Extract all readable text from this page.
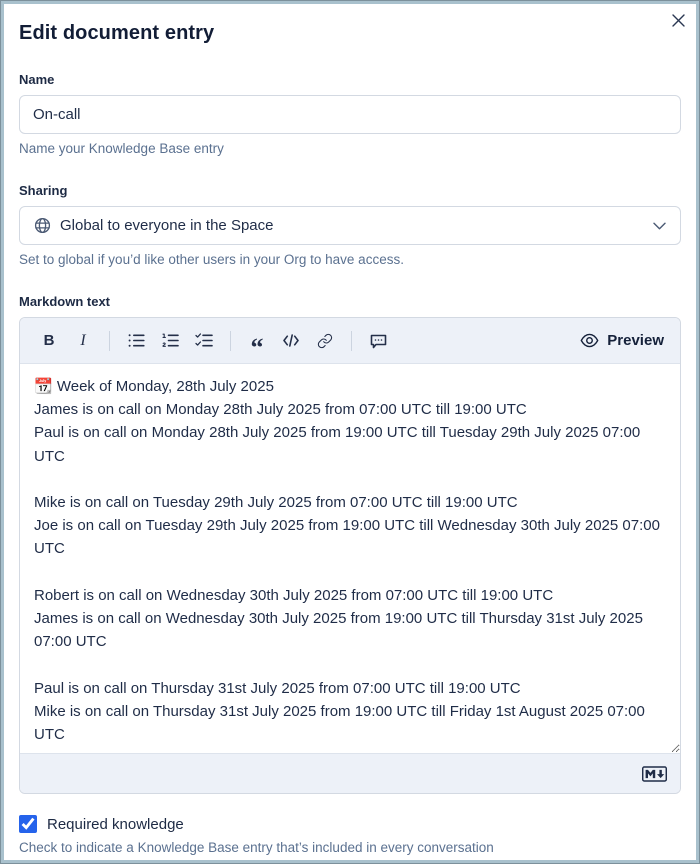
Edit document entry
Name
On-call
Name your Knowledge Base entry
Sharing
Global to everyone in the Space
Set to global if you’d like other users in your Org to have access.
Markdown text
B I	“	Preview
📆 Week of Monday, 28th July 2025 James is on call on Monday 28th July 2025 from 07:00 UTC till 19:00 UTC Paul is on call on Monday 28th July 2025 from 19:00 UTC till Tuesday 29th July 2025 07:00 UTC Mike is on call on Tuesday 29th July 2025 from 07:00 UTC till 19:00 UTC Joe is on call on Tuesday 29th July 2025 from 19:00 UTC till Wednesday 30th July 2025 07:00 UTC Robert is on call on Wednesday 30th July 2025 from 07:00 UTC till 19:00 UTC James is on call on Wednesday 30th July 2025 from 19:00 UTC till Thursday 31st July 2025 07:00 UTC Paul is on call on Thursday 31st July 2025 from 07:00 UTC till 19:00 UTC Mike is on call on Thursday 31st July 2025 from 19:00 UTC till Friday 1st August 2025 07:00 UTC
Required knowledge
Check to indicate a Knowledge Base entry that’s included in every conversation
